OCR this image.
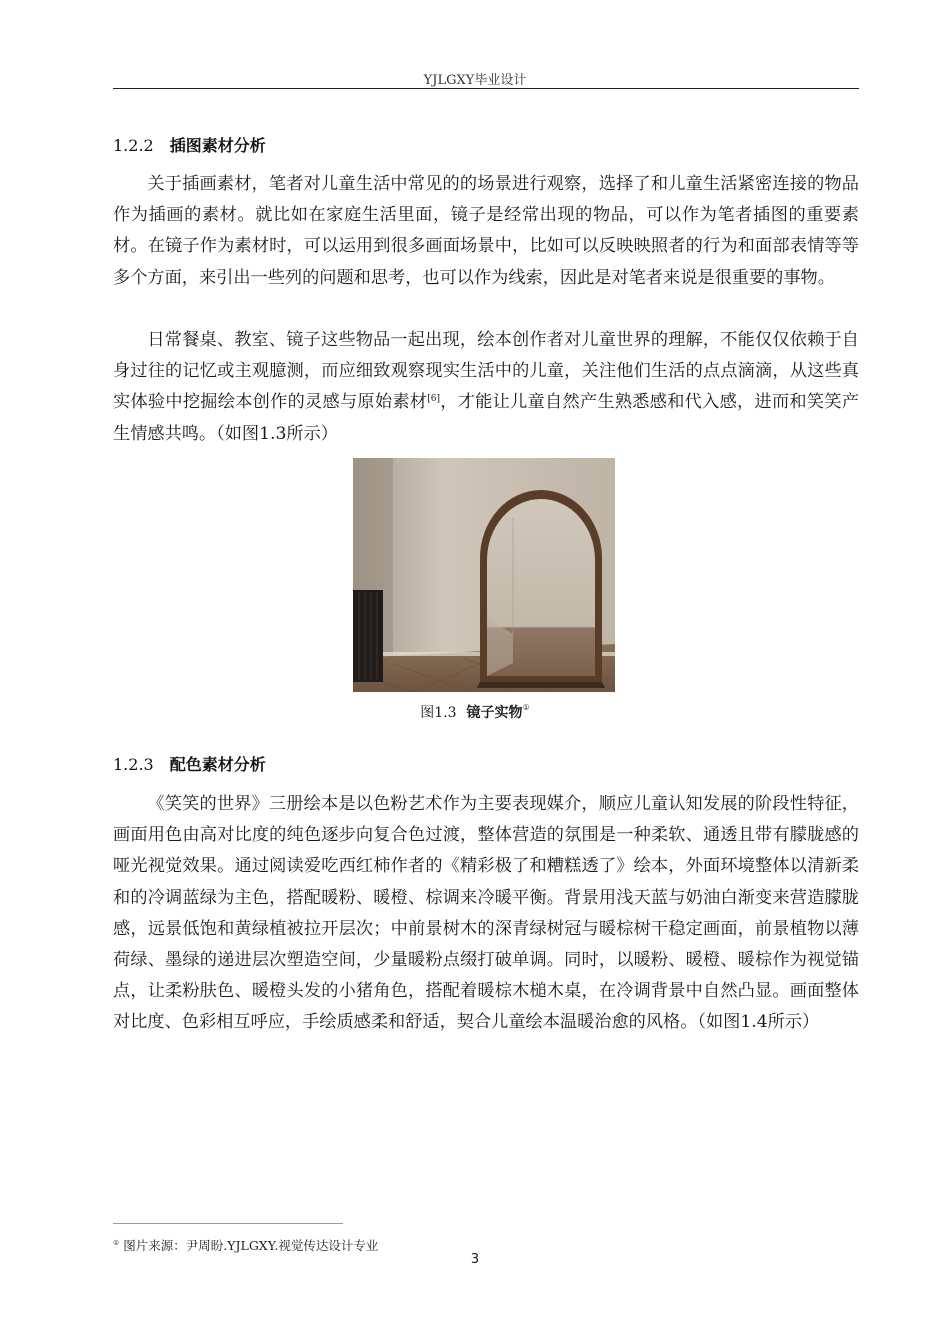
YJLGXY毕业设计
1.2.2 插图素材分析

关于插画素材，笔者对儿童生活中常见的的场景进行观察，选择了和儿童生活紧密连接的物品作为插画的素材。就比如在家庭生活里面，镜子是经常出现的物品，可以作为笔者插图的重要素材。在镜子作为素材时，可以运用到很多画面场景中，比如可以反映映照者的行为和面部表情等等多个方面，来引出一些列的问题和思考，也可以作为线索，因此是对笔者来说是很重要的事物。

日常餐桌、教室、镜子这些物品一起出现，绘本创作者对儿童世界的理解，不能仅仅依赖于自身过往的记忆或主观臆测，而应细致观察现实生活中的儿童，关注他们生活的点点滴滴，从这些真实体验中挖掘绘本创作的灵感与原始素材[6]，才能让儿童自然产生熟悉感和代入感，进而和笑笑产生情感共鸣。（如图1.3所示）

图1.3 镜子实物①
1.2.3 配色素材分析

《笑笑的世界》三册绘本是以色粉艺术作为主要表现媒介，顺应儿童认知发展的阶段性特征，画面用色由高对比度的纯色逐步向复合色过渡，整体营造的氛围是一种柔软、通透且带有朦胧感的哑光视觉效果。通过阅读爱吃西红柿作者的《精彩极了和糟糕透了》绘本，外面环境整体以清新柔和的冷调蓝绿为主色，搭配暖粉、暖橙、棕调来冷暖平衡。背景用浅天蓝与奶油白渐变来营造朦胧感，远景低饱和黄绿植被拉开层次；中前景树木的深青绿树冠与暖棕树干稳定画面，前景植物以薄荷绿、墨绿的递进层次塑造空间，少量暖粉点缀打破单调。同时，以暖粉、暖橙、暖棕作为视觉锚点，让柔粉肤色、暖橙头发的小猪角色，搭配着暖棕木槌木桌，在冷调背景中自然凸显。画面整体对比度、色彩相互呼应，手绘质感柔和舒适，契合儿童绘本温暖治愈的风格。（如图1.4所示）

① 图片来源：尹周盼.YJLGXY.视觉传达设计专业
3
